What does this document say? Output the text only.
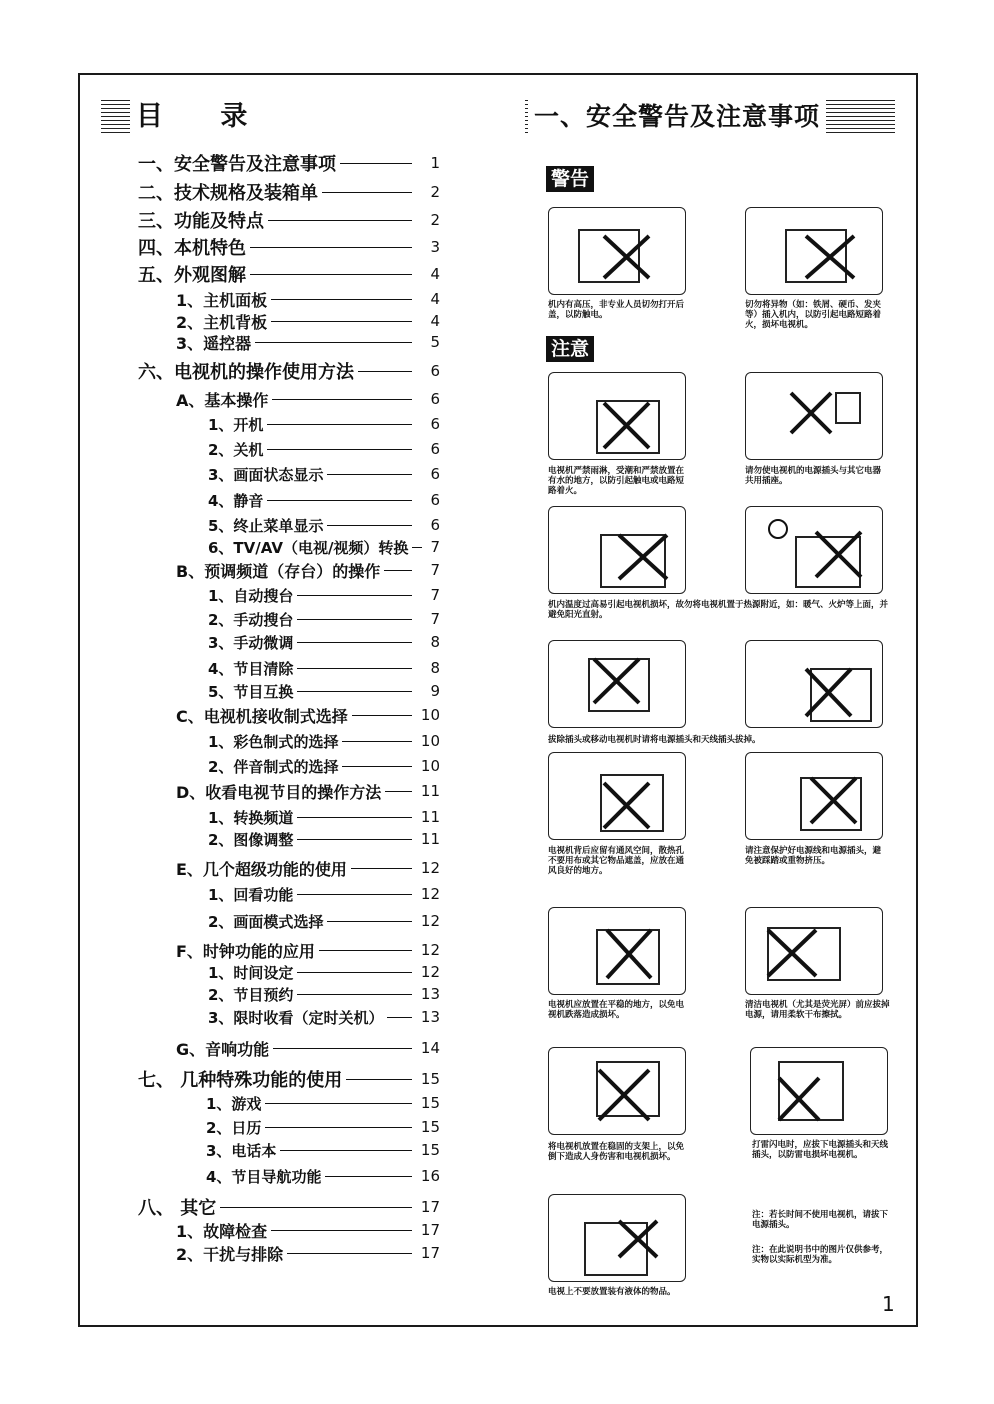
目 录	一、安全警告及注意事项
一、安全警告及注意事项	1
二、技术规格及装箱单	2
三、功能及特点	2
四、本机特色	3
五、外观图解	4
1、主机面板	4
2、主机背板	4
3、遥控器	5
六、电视机的操作使用方法	6
A、基本操作	6
1、开机	6
2、关机	6
3、画面状态显示	6
4、静音	6
5、终止菜单显示	6
6、TV/AV（电视/视频）转换 7
B、预调频道（存台）的操作	7
1、自动搜台	7
2、手动搜台	7
3、手动微调	8
4、节目清除	8
5、节目互换	9
C、电视机接收制式选择	10
1、彩色制式的选择	10
2、伴音制式的选择	10
D、收看电视节目的操作方法	11
1、转换频道	11
2、图像调整	11
E、几个超级功能的使用	12
1、回看功能	12
2、画面模式选择	12
F、时钟功能的应用	12
1、时间设定	12
2、节目预约	13
3、限时收看（定时关机）	13
G、音响功能	14
七、 几种特殊功能的使用	15
1、游戏	15
2、日历	15
3、电话本	15
4、节目导航功能	16
八、 其它	17
1、故障检查	17
2、干扰与排除	17
警告
机内有高压，非专业人员切勿打开后盖，以防触电。
切勿将异物（如：铁屑、硬币、发夹等）插入机内，以防引起电路短路着火，损坏电视机。
注意
电视机严禁雨淋，受潮和严禁放置在有水的地方，以防引起触电或电路短路着火。
请勿使电视机的电源插头与其它电器共用插座。
机内温度过高易引起电视机损坏，故勿将电视机置于热源附近，如：暖气、火炉等上面，并避免阳光直射。
拔除插头或移动电视机时请将电源插头和天线插头拔掉。
电视机背后应留有通风空间，散热孔不要用布或其它物品遮盖，应放在通风良好的地方。
请注意保护好电源线和电源插头，避免被踩踏或重物挤压。
电视机应放置在平稳的地方，以免电视机跌落造成损坏。
清洁电视机（尤其是荧光屏）前应拔掉电源，请用柔软干布擦拭。
将电视机放置在稳固的支架上，以免倒下造成人身伤害和电视机损坏。
打雷闪电时，应拔下电源插头和天线插头，以防雷电损坏电视机。
注：若长时间不使用电视机，请拔下电源插头。
注：在此说明书中的图片仅供参考，实物以实际机型为准。
电视上不要放置装有液体的物品。	1
